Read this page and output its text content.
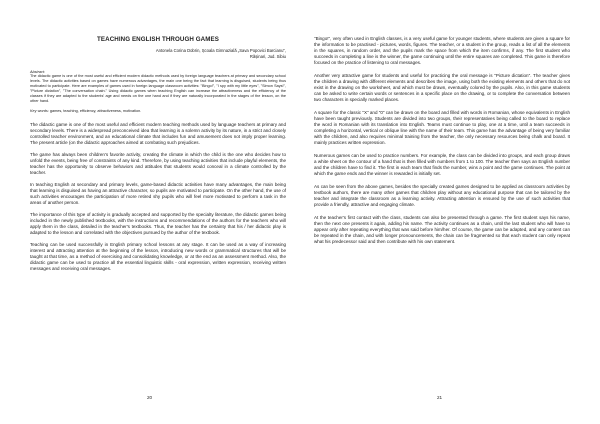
TEACHING ENGLISH THROUGH GAMES
Antonela Corina Dobrin, Școala Gimnazială „Sava Popovici Barcianu”,
Rășinari, Jud. Sibiu

Abstract:

The didactic game is one of the most useful and efficient modern didactic methods used by foreign language teachers at primary and secondary school levels. The didactic activities based on games have numerous advantages, the main one being the fact that learning is disguised, students being thus motivated to participate. Here are examples of games used in foreign language classroom activities: "Bingo!", "I spy with my little eyes", "Simon Says!", "Picture dictation", "The conversation chain." Using didactic games when teaching English can increase the attractiveness and the efficiency of the classes if they are adapted to the students' age and needs on the one hand and if they are naturally incorporated in the stages of the lesson, on the other hand.

Key words: games, teaching, efficiency, attractiveness, motivation.

The didactic game is one of the most useful and efficient modern teaching methods used by language teachers at primary and secondary levels. There is a widespread preconceived idea that learning is a solemn activity by its nature, in a strict and closely controlled teacher environment, and an educational climate that includes fun and amusement does not imply proper learning. The present article (on the didactic approaches aimed at combating such prejudices.

The game has always been children's favorite activity, creating the climate in which the child is the one who decides how to unfold the events, being free of constraints of any kind. Therefore, by using teaching activities that include playful elements, the teacher has the opportunity to observe behaviors and attitudes that students would conceal in a climate controlled by the teacher.

In teaching English at secondary and primary levels, game-based didactic activities have many advantages, the main being that learning is disguised as having an attractive character, so pupils are motivated to participate. On the other hand, the use of such activities encourages the participation of more retired shy pupils who will feel more motivated to perform a task in the areas of another person.

The importance of this type of activity is gradually accepted and supported by the specialty literature, the didactic games being included in the newly published textbooks, with the instructions and recommendations of the authors for the teachers who will apply them in the class, detailed in the teacher's textbooks. Thus, the teacher has the certainty that his / her didactic play is adapted to the lesson and correlated with the objectives pursued by the author of the textbook.

Teaching can be used successfully in English primary school lessons at any stage. It can be used as a way of increasing interest and attracting attention at the beginning of the lesson, introducing new words or grammatical structures that will be taught at that time, as a method of exercising and consolidating knowledge, or at the end as an assessment method. Also, the didactic game can be used to practice all the essential linguistic skills - oral expression, written expression, receiving written messages and receiving oral messages.

20

"Bingo!", very often used in English classes, is a very useful game for younger students, where students are given a square for the information to be practised - pictures, words, figures. The teacher, or a student in the group, reads a list of all the elements in the squares, in random order, and the pupils mark the space from which the item confirms, if any. The first student who succeeds in completing a line is the winner, the game continuing until the entire squares are completed. This game is therefore focused on the practice of listening to oral messages.

Another very attractive game for students and useful for practicing the oral message is "Picture dictation". The teacher gives the children a drawing with different elements and describes the image, using both the existing elements and others that do not exist in the drawing on the worksheet, and which must be drawn, eventually colored by the pupils. Also, in this game students can be asked to write certain words or sentences in a specific place on the drawing, or to complete the conversation between two characters in specially marked places.

A square for the classic "X" and "0" can be drawn on the board and filled with words in Romanian, whose equivalents in English have been taught previously. Students are divided into two groups, their representatives being called to the board to replace the word in Romanian with its translation into English. Teams must continue to play, one at a time, until a team succeeds in completing a horizontal, vertical or oblique line with the name of their team. This game has the advantage of being very familiar with the children, and also requires minimal training from the teacher, the only necessary resources being chalk and board. It mainly practices written expression.

Numerous games can be used to practice numbers. For example, the class can be divided into groups, and each group draws a white sheet on the contour of a hand that is then filled with numbers from 1 to 100. The teacher then says an English number and the children have to find it. The first in each team that finds the number, wins a point and the game continues. The point at which the game ends and the winner is rewarded is initially set.

As can be seen from the above games, besides the specially created games designed to be applied as classroom activities by textbook authors, there are many other games that children play without any educational purpose that can be tailored by the teacher and integrate the classroom as a learning activity. Attracting attention is ensured by the use of such activities that provide a friendly, attractive and engaging climate.

At the teacher's first contact with the class, students can also be presented through a game. The first student says his name, then the next one presents it again, adding his name. The activity continues as a chain, until the last student who will have to appear only after repeating everything that was said before him/her. Of course, the game can be adapted, and any content can be repeated in the chain, and with longer pronouncements, the chain can be fragmented so that each student can only repeat what his predecessor said and then contribute with his own statement.

21
